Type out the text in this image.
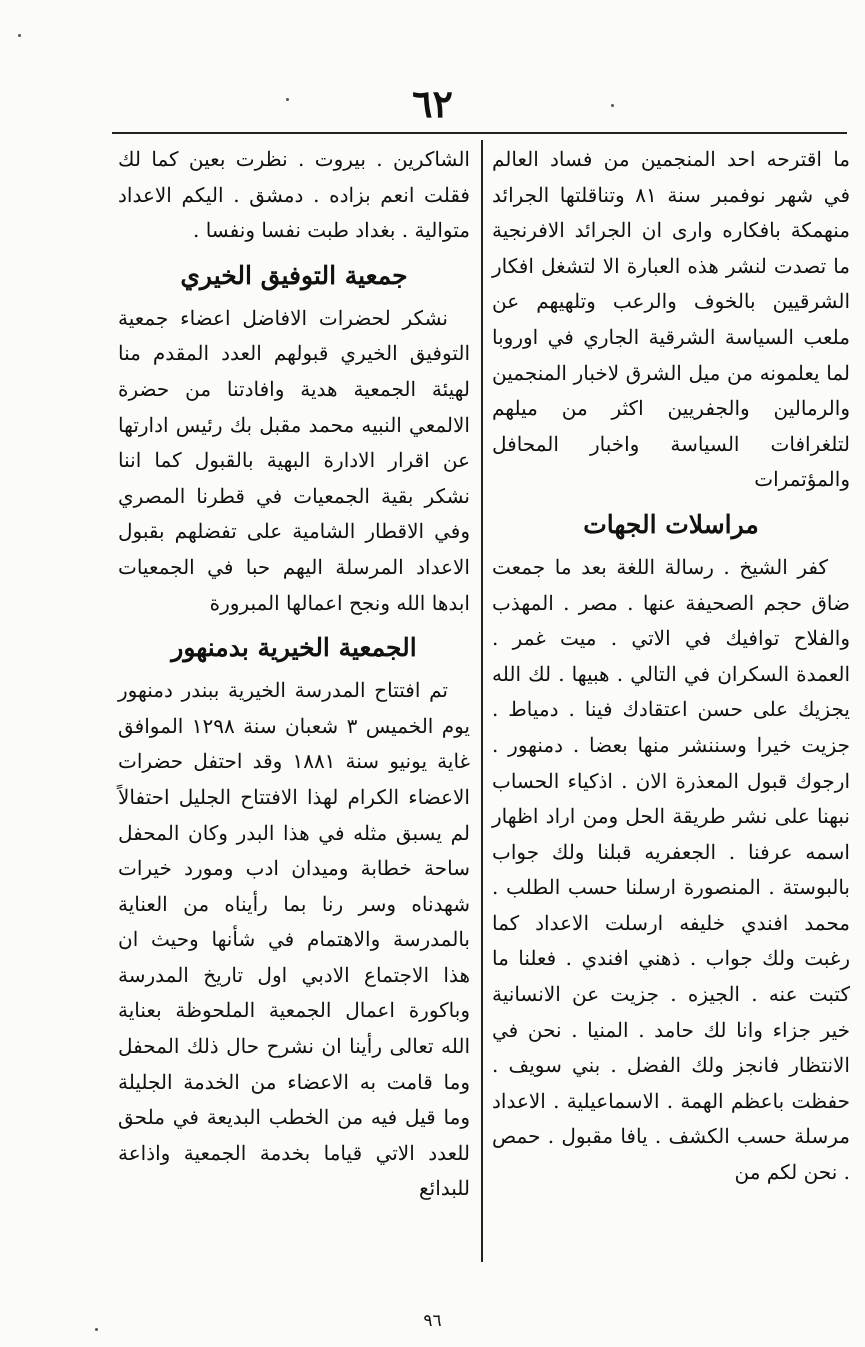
٦٢

ما اقترحه احد المنجمين من فساد العالم في شهر نوفمبر سنة ٨١ وتناقلتها الجرائد منهمكة بافكاره وارى ان الجرائد الافرنجية ما تصدت لنشر هذه العبارة الا لتشغل افكار الشرقيين بالخوف والرعب وتلهيهم عن ملعب السياسة الشرقية الجاري في اوروبا لما يعلمونه من ميل الشرق لاخبار المنجمين والرمالين والجفريين اكثر من ميلهم لتلغرافات السياسة واخبار المحافل والمؤتمرات

مراسلات الجهات

كفر الشيخ . رسالة اللغة بعد ما جمعت ضاق حجم الصحيفة عنها . مصر . المهذب والفلاح توافيك في الاتي . ميت غمر . العمدة السكران في التالي . هبيها . لك الله يجزيك على حسن اعتقادك فينا . دمياط . جزيت خيرا وسننشر منها بعضا . دمنهور . ارجوك قبول المعذرة الان . اذكياء الحساب نبهنا على نشر طريقة الحل ومن اراد اظهار اسمه عرفنا . الجعفريه قبلنا ولك جواب بالبوستة . المنصورة ارسلنا حسب الطلب . محمد افندي خليفه ارسلت الاعداد كما رغبت ولك جواب . ذهني افندي . فعلنا ما كتبت عنه . الجيزه . جزيت عن الانسانية خير جزاء وانا لك حامد . المنيا . نحن في الانتظار فانجز ولك الفضل . بني سويف . حفظت باعظم الهمة . الاسماعيلية . الاعداد مرسلة حسب الكشف . يافا مقبول . حمص . نحن لكم من

الشاكرين . بيروت . نظرت بعين كما لك فقلت انعم بزاده . دمشق . اليكم الاعداد متوالية . بغداد طبت نفسا ونفسا .

جمعية التوفيق الخيري

نشكر لحضرات الافاضل اعضاء جمعية التوفيق الخيري قبولهم العدد المقدم منا لهيئة الجمعية هدية وافادتنا من حضرة الالمعي النبيه محمد مقبل بك رئيس ادارتها عن اقرار الادارة البهية بالقبول كما اننا نشكر بقية الجمعيات في قطرنا المصري وفي الاقطار الشامية على تفضلهم بقبول الاعداد المرسلة اليهم حبا في الجمعيات ابدها الله ونجح اعمالها المبرورة

الجمعية الخيرية بدمنهور

تم افتتاح المدرسة الخيرية ببندر دمنهور يوم الخميس ٣ شعبان سنة ١٢٩٨ الموافق غاية يونيو سنة ١٨٨١ وقد احتفل حضرات الاعضاء الكرام لهذا الافتتاح الجليل احتفالاً لم يسبق مثله في هذا البدر وكان المحفل ساحة خطابة وميدان ادب ومورد خيرات شهدناه وسر رنا بما رأيناه من العناية بالمدرسة والاهتمام في شأنها وحيث ان هذا الاجتماع الادبي اول تاريخ المدرسة وباكورة اعمال الجمعية الملحوظة بعناية الله تعالى رأينا ان نشرح حال ذلك المحفل وما قامت به الاعضاء من الخدمة الجليلة وما قيل فيه من الخطب البديعة في ملحق للعدد الاتي قياما بخدمة الجمعية واذاعة للبدائع

٩٦
